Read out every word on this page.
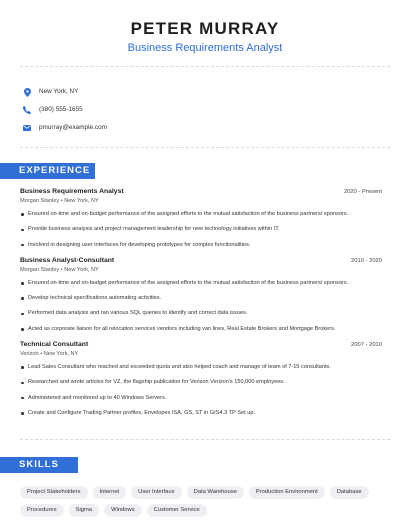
PETER MURRAY
Business Requirements Analyst
New York, NY
(380) 555-1655
pmurray@example.com
EXPERIENCE
Business Requirements Analyst	2020 - Present
Morgan Stanley • New York, NY
Ensured on-time and on-budget performance of the assigned efforts to the mutual satisfaction of the business partners/ sponsors.
Provide business analysis and project management leadership for new technology initiatives within IT.
Involved in designing user interfaces for developing prototypes for complex functionalities.
Business Analyst-Consultant	2010 - 2020
Morgan Stanley • New York, NY
Ensured on-time and on-budget performance of the assigned efforts to the mutual satisfaction of the business partners/ sponsors.
Develop technical specifications automating activities.
Performed data analysis and ran various SQL queries to identify and correct data issues.
Acted as corporate liaison for all relocation services vendors including van lines, Real Estate Brokers and Mortgage Brokers.
Technical Consultant	2007 - 2010
Verizon • New York, NY
Lead Sales Consultant who reached and exceeded quota and also helped coach and manage of team of 7-15 consultants.
Researched and wrote articles for VZ, the flagship publication for Verizon Verizon's 150,000 employees.
Administered and monitored up to 40 Windows Servers.
Create and Configure Trading Partner profiles, Envelopes ISA, GS, ST in GIS4.3 TP Set up.
SKILLS
Project Stakeholders	Internet	User Interface	Data Warehouse	Production Environment	Database
Procedures	Sigma	Windows	Customer Service
